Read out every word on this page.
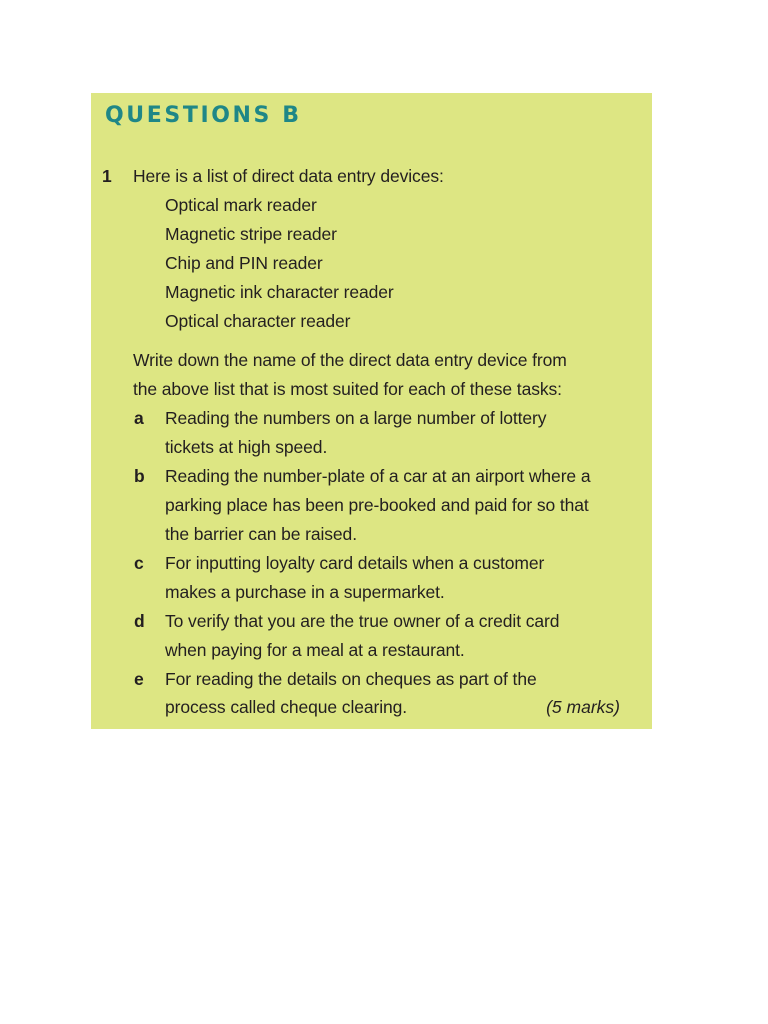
QUESTIONS B
1 Here is a list of direct data entry devices:
Optical mark reader
Magnetic stripe reader
Chip and PIN reader
Magnetic ink character reader
Optical character reader
Write down the name of the direct data entry device from
the above list that is most suited for each of these tasks:
a Reading the numbers on a large number of lottery
tickets at high speed.
b Reading the number-plate of a car at an airport where a
parking place has been pre-booked and paid for so that
the barrier can be raised.
c For inputting loyalty card details when a customer
makes a purchase in a supermarket.
d To verify that you are the true owner of a credit card
when paying for a meal at a restaurant.
e For reading the details on cheques as part of the
process called cheque clearing.	(5 marks)
